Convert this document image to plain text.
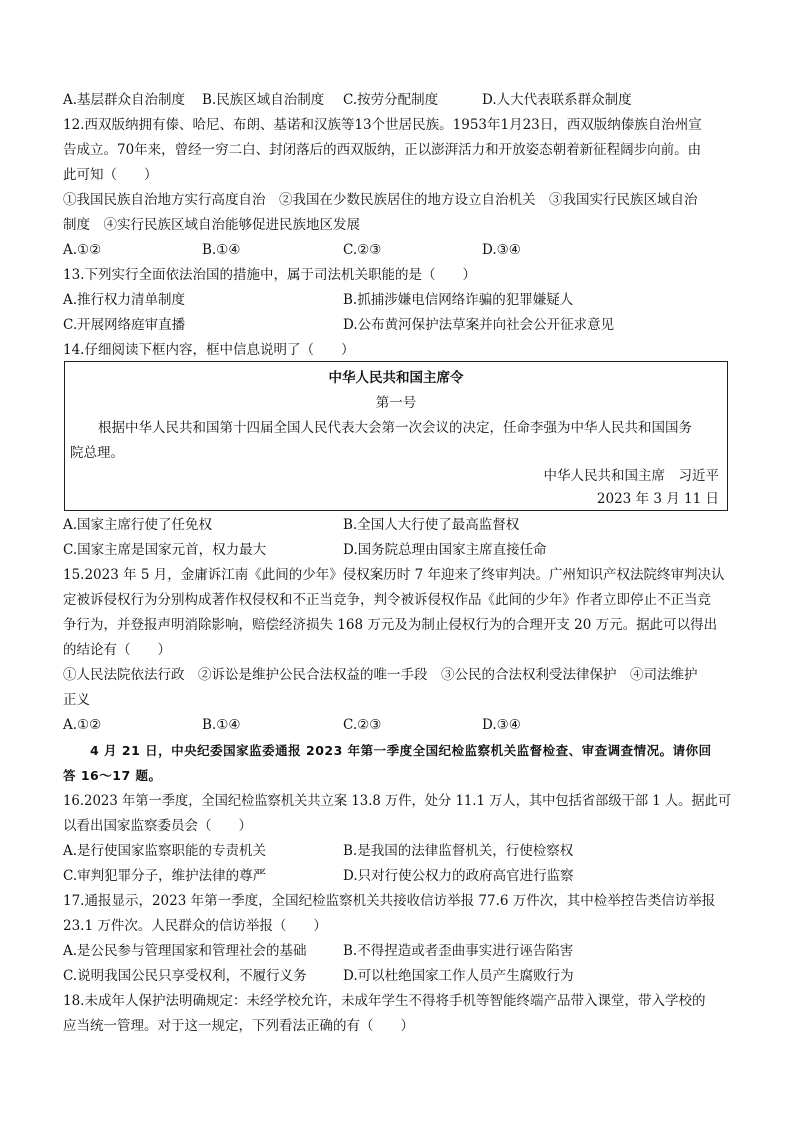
A.基层群众自治制度 B.民族区域自治制度 C.按劳分配制度	D.人大代表联系群众制度
12.西双版纳拥有傣、哈尼、布朗、基诺和汉族等13个世居民族。1953年1月23日，西双版纳傣族自治州宣
告成立。70年来，曾经一穷二白、封闭落后的西双版纳，正以澎湃活力和开放姿态朝着新征程阔步向前。由
此可知（　　）
①我国民族自治地方实行高度自治　②我国在少数民族居住的地方设立自治机关　③我国实行民族区域自治
制度　④实行民族区域自治能够促进民族地区发展
A.①②	B.①④	C.②③	D.③④
13.下列实行全面依法治国的措施中，属于司法机关职能的是（　　）
A.推行权力清单制度	B.抓捕涉嫌电信网络诈骗的犯罪嫌疑人
C.开展网络庭审直播	D.公布黄河保护法草案并向社会公开征求意见
14.仔细阅读下框内容，框中信息说明了（　　）
中华人民共和国主席令
第一号
根据中华人民共和国第十四届全国人民代表大会第一次会议的决定，任命李强为中华人民共和国国务
院总理。
中华人民共和国主席　习近平
2023 年 3 月 11 日
A.国家主席行使了任免权	B.全国人大行使了最高监督权
C.国家主席是国家元首，权力最大	D.国务院总理由国家主席直接任命
15.2023 年 5 月，金庸诉江南《此间的少年》侵权案历时 7 年迎来了终审判决。广州知识产权法院终审判决认
定被诉侵权行为分别构成著作权侵权和不正当竞争，判令被诉侵权作品《此间的少年》作者立即停止不正当竞
争行为，并登报声明消除影响，赔偿经济损失 168 万元及为制止侵权行为的合理开支 20 万元。据此可以得出
的结论有（　　）
①人民法院依法行政　②诉讼是维护公民合法权益的唯一手段　③公民的合法权利受法律保护　④司法维护
正义
A.①②	B.①④	C.②③	D.③④
4 月 21 日，中央纪委国家监委通报 2023 年第一季度全国纪检监察机关监督检查、审查调查情况。请你回
答 16～17 题。
16.2023 年第一季度，全国纪检监察机关共立案 13.8 万件，处分 11.1 万人，其中包括省部级干部 1 人。据此可
以看出国家监察委员会（　　）
A.是行使国家监察职能的专责机关	B.是我国的法律监督机关，行使检察权
C.审判犯罪分子，维护法律的尊严	D.只对行使公权力的政府高官进行监察
17.通报显示，2023 年第一季度，全国纪检监察机关共接收信访举报 77.6 万件次，其中检举控告类信访举报
23.1 万件次。人民群众的信访举报（　　）
A.是公民参与管理国家和管理社会的基础	B.不得捏造或者歪曲事实进行诬告陷害
C.说明我国公民只享受权利，不履行义务	D.可以杜绝国家工作人员产生腐败行为
18.未成年人保护法明确规定：未经学校允许，未成年学生不得将手机等智能终端产品带入课堂，带入学校的
应当统一管理。对于这一规定，下列看法正确的有（　　）
